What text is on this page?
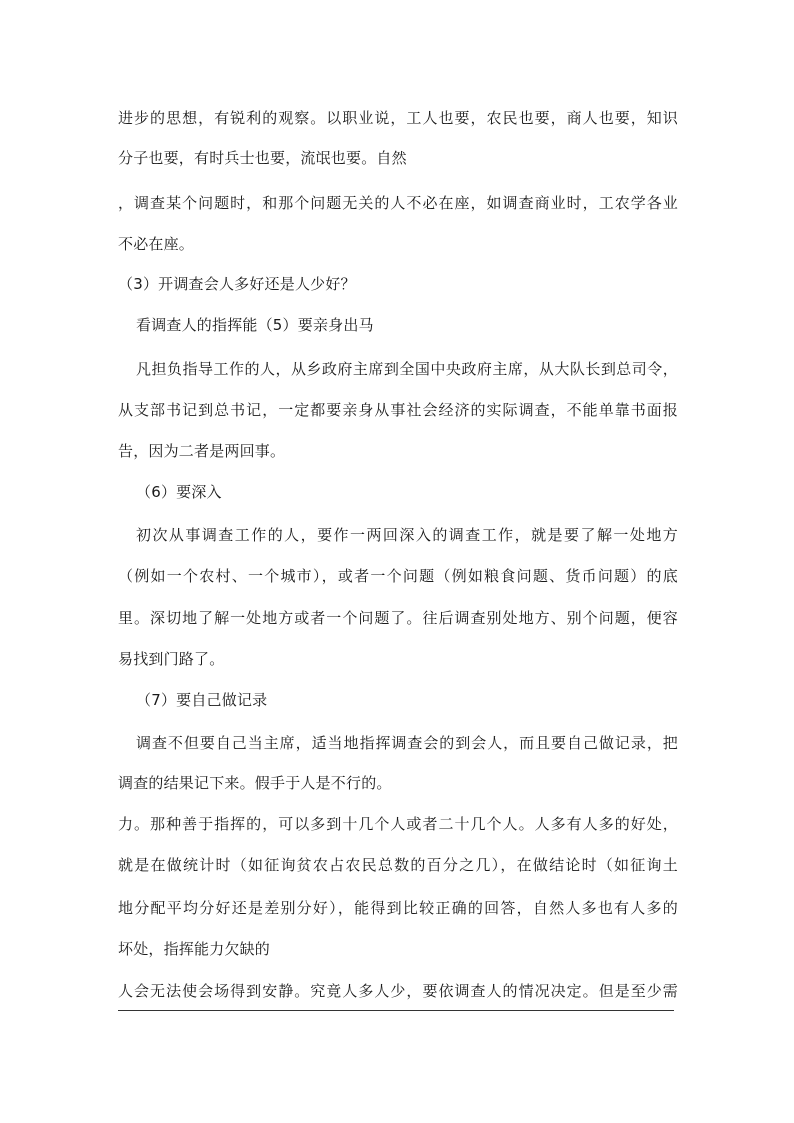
进步的思想，有锐利的观察。以职业说，工人也要，农民也要，商人也要，知识
分子也要，有时兵士也要，流氓也要。自然
，调查某个问题时，和那个问题无关的人不必在座，如调查商业时，工农学各业
不必在座。
（3）开调查会人多好还是人少好？
看调查人的指挥能（5）要亲身出马
凡担负指导工作的人，从乡政府主席到全国中央政府主席，从大队长到总司令，
从支部书记到总书记，一定都要亲身从事社会经济的实际调查，不能单靠书面报
告，因为二者是两回事。
（6）要深入
初次从事调查工作的人，要作一两回深入的调查工作，就是要了解一处地方
（例如一个农村、一个城市），或者一个问题（例如粮食问题、货币问题）的底
里。深切地了解一处地方或者一个问题了。往后调查别处地方、别个问题，便容
易找到门路了。
（7）要自己做记录
调查不但要自己当主席，适当地指挥调查会的到会人，而且要自己做记录，把
调查的结果记下来。假手于人是不行的。
力。那种善于指挥的，可以多到十几个人或者二十几个人。人多有人多的好处，
就是在做统计时（如征询贫农占农民总数的百分之几），在做结论时（如征询土
地分配平均分好还是差别分好），能得到比较正确的回答，自然人多也有人多的
坏处，指挥能力欠缺的
人会无法使会场得到安静。究竟人多人少，要依调查人的情况决定。但是至少需
